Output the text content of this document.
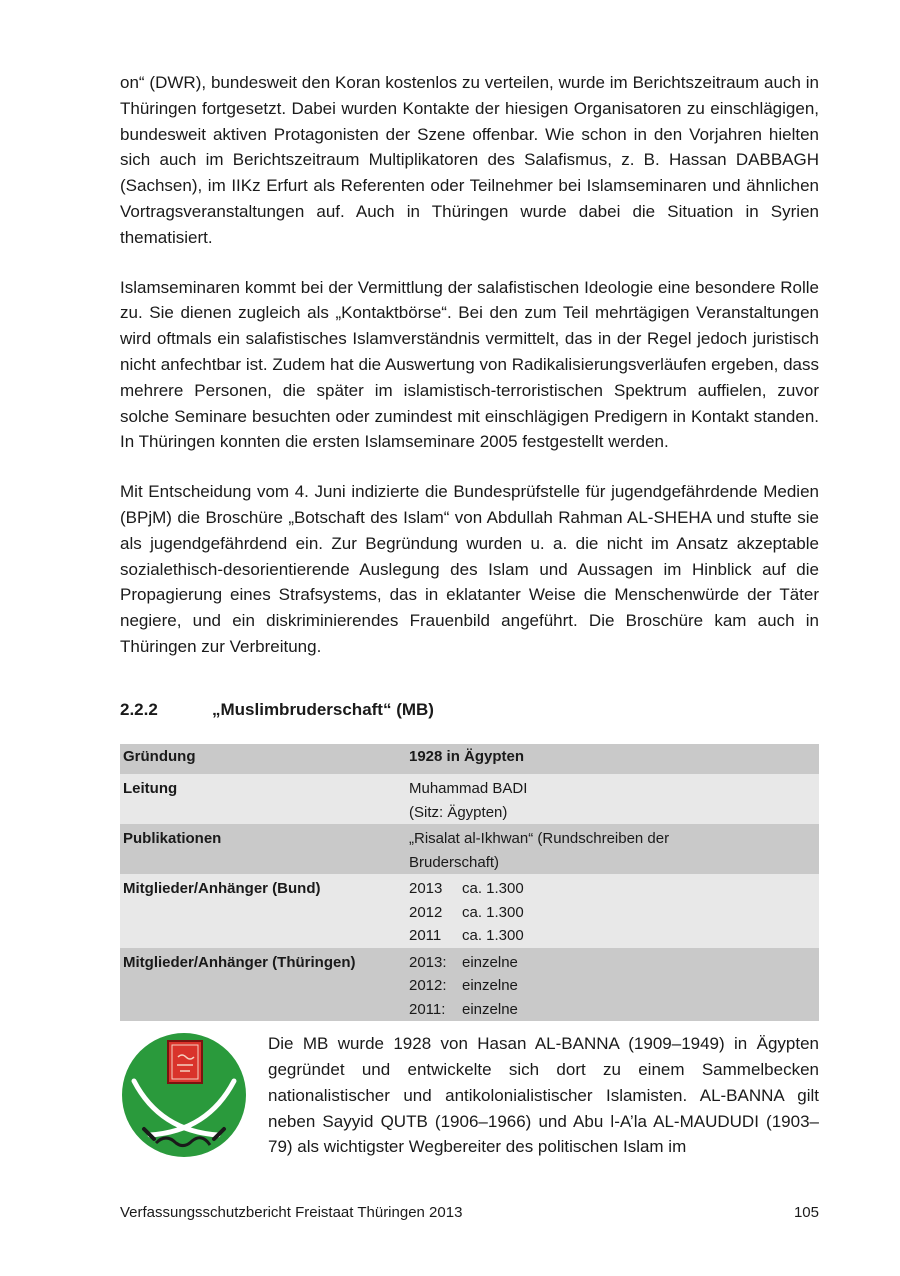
on“ (DWR), bundesweit den Koran kostenlos zu verteilen, wurde im Berichtszeitraum auch in Thüringen fortgesetzt. Dabei wurden Kontakte der hiesigen Organisatoren zu einschlägigen, bundesweit aktiven Protagonisten der Szene offenbar. Wie schon in den Vorjahren hielten sich auch im Berichtszeitraum Multiplikatoren des Salafismus, z. B. Hassan DABBAGH (Sachsen), im IIKz Erfurt als Referenten oder Teilnehmer bei Islamseminaren und ähnlichen Vortragsveranstaltungen auf. Auch in Thüringen wurde dabei die Situation in Syrien thematisiert.

Islamseminaren kommt bei der Vermittlung der salafistischen Ideologie eine besondere Rolle zu. Sie dienen zugleich als „Kontaktbörse“. Bei den zum Teil mehrtägigen Veranstaltungen wird oftmals ein salafistisches Islamverständnis vermittelt, das in der Regel jedoch juristisch nicht anfechtbar ist. Zudem hat die Auswertung von Radikalisierungsverläufen ergeben, dass mehrere Personen, die später im islamistisch-terroristischen Spektrum auffielen, zuvor solche Seminare besuchten oder zumindest mit einschlägigen Predigern in Kontakt standen. In Thüringen konnten die ersten Islamseminare 2005 festgestellt werden.

Mit Entscheidung vom 4. Juni indizierte die Bundesprüfstelle für jugendgefährdende Medien (BPjM) die Broschüre „Botschaft des Islam“ von Abdullah Rahman AL-SHEHA und stufte sie als jugendgefährdend ein. Zur Begründung wurden u. a. die nicht im Ansatz akzeptable sozialethisch-desorientierende Auslegung des Islam und Aussagen im Hinblick auf die Propagierung eines Strafsystems, das in eklatanter Weise die Menschenwürde der Täter negiere, und ein diskriminierendes Frauenbild angeführt. Die Broschüre kam auch in Thüringen zur Verbreitung.

2.2.2	„Muslimbruderschaft“ (MB)
Gründung	1928 in Ägypten
Leitung	Muhammad BADI
(Sitz: Ägypten)

Publikationen	„Risalat al-Ikhwan“ (Rundschreiben der
Bruderschaft)

Mitglieder/Anhänger (Bund)	2013 ca. 1.300
2012 ca. 1.300
2011 ca. 1.300

Mitglieder/Anhänger (Thüringen)	2013: einzelne
2012: einzelne
2011: einzelne

Die MB wurde 1928 von Hasan AL-BANNA (1909–1949) in Ägypten gegründet und entwickelte sich dort zu einem Sammelbecken nationalistischer und antikolonialistischer Islamisten. AL-BANNA gilt neben Sayyid QUTB (1906–1966) und Abu l-A’la AL-MAUDUDI (1903–79) als wichtigster Wegbereiter des politischen Islam im

Verfassungsschutzbericht Freistaat Thüringen 2013	105
